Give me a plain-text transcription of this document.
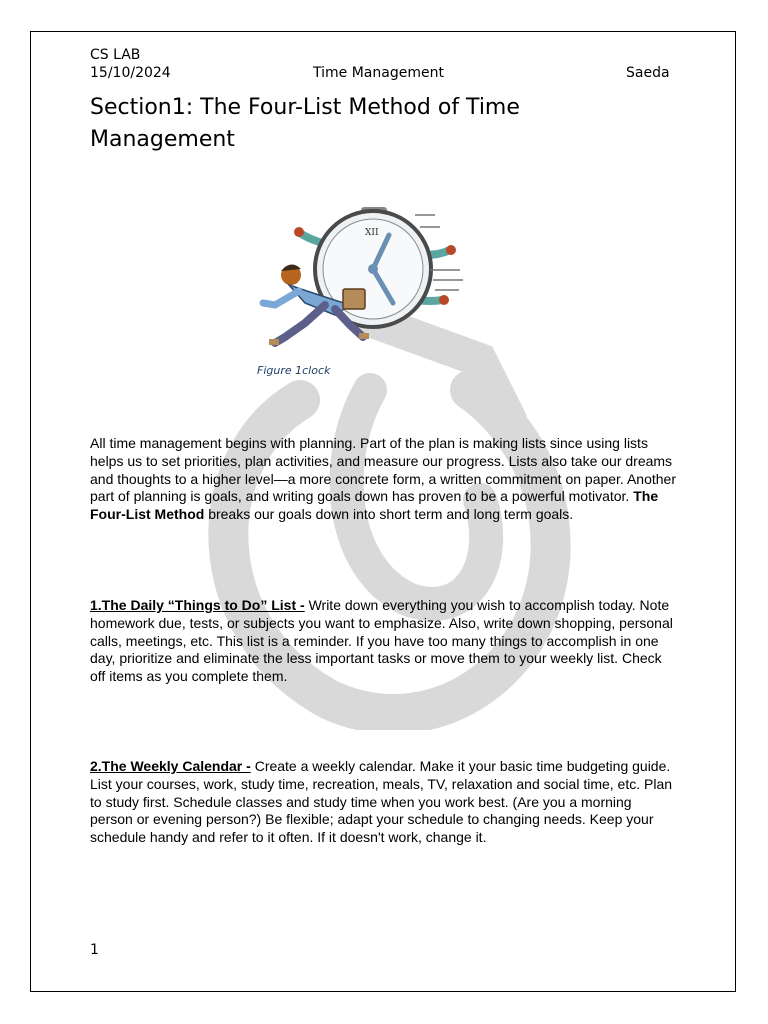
CS LAB
15/10/2024	Time Management	Saeda
Section1: The Four-List Method of Time Management
XII
Figure 1clock

All time management begins with planning. Part of the plan is making lists since using lists helps us to set priorities, plan activities, and measure our progress. Lists also take our dreams and thoughts to a higher level—a more concrete form, a written commitment on paper. Another part of planning is goals, and writing goals down has proven to be a powerful motivator. The Four-List Method breaks our goals down into short term and long term goals.

1.The Daily “Things to Do” List - Write down everything you wish to accomplish today. Note homework due, tests, or subjects you want to emphasize. Also, write down shopping, personal calls, meetings, etc. This list is a reminder. If you have too many things to accomplish in one day, prioritize and eliminate the less important tasks or move them to your weekly list. Check off items as you complete them.

2.The Weekly Calendar - Create a weekly calendar. Make it your basic time budgeting guide. List your courses, work, study time, recreation, meals, TV, relaxation and social time, etc. Plan to study first. Schedule classes and study time when you work best. (Are you a morning person or evening person?) Be flexible; adapt your schedule to changing needs. Keep your schedule handy and refer to it often. If it doesn't work, change it.

1
